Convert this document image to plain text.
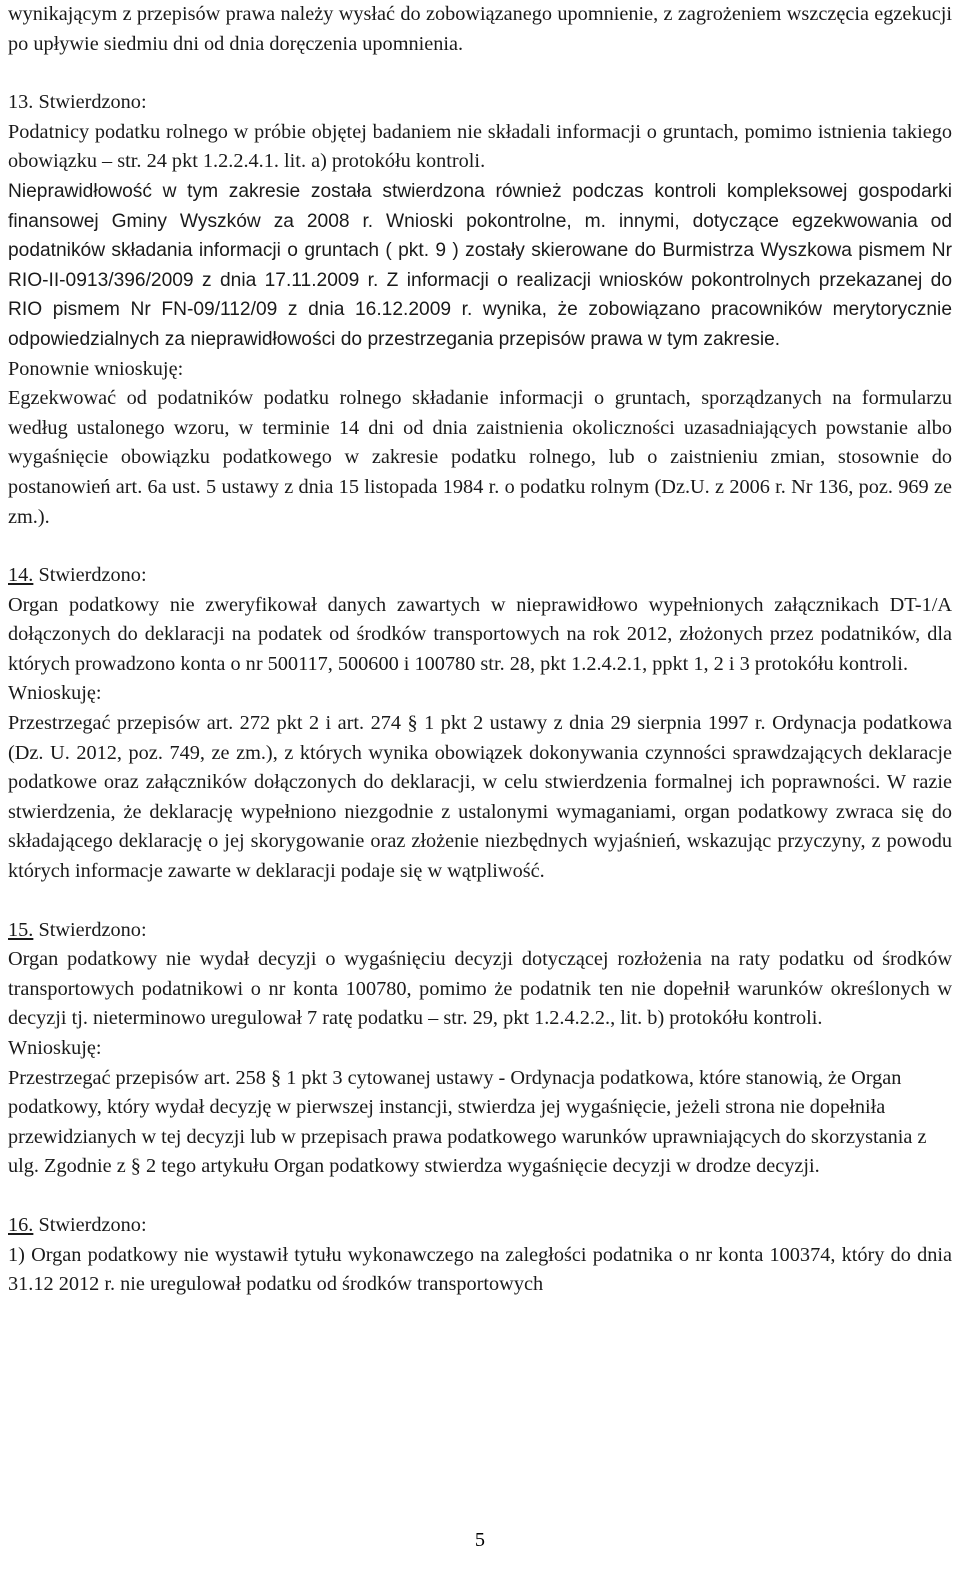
wynikającym z przepisów prawa należy wysłać do zobowiązanego upomnienie, z zagrożeniem wszczęcia egzekucji po upływie siedmiu dni od dnia doręczenia upomnienia.

13. Stwierdzono:

Podatnicy podatku rolnego w próbie objętej badaniem nie składali informacji o gruntach, pomimo istnienia takiego obowiązku – str. 24 pkt 1.2.2.4.1. lit. a) protokółu kontroli.

Nieprawidłowość w tym zakresie została stwierdzona również podczas kontroli kompleksowej gospodarki finansowej Gminy Wyszków za 2008 r. Wnioski pokontrolne, m. innymi, dotyczące egzekwowania od podatników składania informacji o gruntach ( pkt. 9 ) zostały skierowane do Burmistrza Wyszkowa pismem Nr RIO-II-0913/396/2009 z dnia 17.11.2009 r. Z informacji o realizacji wniosków pokontrolnych przekazanej do RIO pismem Nr FN-09/112/09 z dnia 16.12.2009 r. wynika, że zobowiązano pracowników merytorycznie odpowiedzialnych za nieprawidłowości do przestrzegania przepisów prawa w tym zakresie.

Ponownie wnioskuję:

Egzekwować od podatników podatku rolnego składanie informacji o gruntach, sporządzanych na formularzu według ustalonego wzoru, w terminie 14 dni od dnia zaistnienia okoliczności uzasadniających powstanie albo wygaśnięcie obowiązku podatkowego w zakresie podatku rolnego, lub o zaistnieniu zmian, stosownie do postanowień art. 6a ust. 5 ustawy z dnia 15 listopada 1984 r. o podatku rolnym (Dz.U. z 2006 r. Nr 136, poz. 969 ze zm.).

14. Stwierdzono:

Organ podatkowy nie zweryfikował danych zawartych w nieprawidłowo wypełnionych załącznikach DT-1/A dołączonych do deklaracji na podatek od środków transportowych na rok 2012, złożonych przez podatników, dla których prowadzono konta o nr 500117, 500600 i 100780 str. 28, pkt 1.2.4.2.1, ppkt 1, 2 i 3 protokółu kontroli.

Wnioskuję:

Przestrzegać przepisów art. 272 pkt 2 i art. 274 § 1 pkt 2 ustawy z dnia 29 sierpnia 1997 r. Ordynacja podatkowa (Dz. U. 2012, poz. 749, ze zm.), z których wynika obowiązek dokonywania czynności sprawdzających deklaracje podatkowe oraz załączników dołączonych do deklaracji, w celu stwierdzenia formalnej ich poprawności. W razie stwierdzenia, że deklarację wypełniono niezgodnie z ustalonymi wymaganiami, organ podatkowy zwraca się do składającego deklarację o jej skorygowanie oraz złożenie niezbędnych wyjaśnień, wskazując przyczyny, z powodu których informacje zawarte w deklaracji podaje się w wątpliwość.

15. Stwierdzono:

Organ podatkowy nie wydał decyzji o wygaśnięciu decyzji dotyczącej rozłożenia na raty podatku od środków transportowych podatnikowi o nr konta 100780, pomimo że podatnik ten nie dopełnił warunków określonych w decyzji tj. nieterminowo uregulował 7 ratę podatku – str. 29, pkt 1.2.4.2.2., lit. b) protokółu kontroli.

Wnioskuję:

Przestrzegać przepisów art. 258 § 1 pkt 3 cytowanej ustawy - Ordynacja podatkowa, które stanowią, że Organ podatkowy, który wydał decyzję w pierwszej instancji, stwierdza jej wygaśnięcie, jeżeli strona nie dopełniła przewidzianych w tej decyzji lub w przepisach prawa podatkowego warunków uprawniających do skorzystania z ulg. Zgodnie z § 2 tego artykułu Organ podatkowy stwierdza wygaśnięcie decyzji w drodze decyzji.

16. Stwierdzono:

1) Organ podatkowy nie wystawił tytułu wykonawczego na zaległości podatnika o nr konta 100374, który do dnia 31.12 2012 r. nie uregulował podatku od środków transportowych

5
